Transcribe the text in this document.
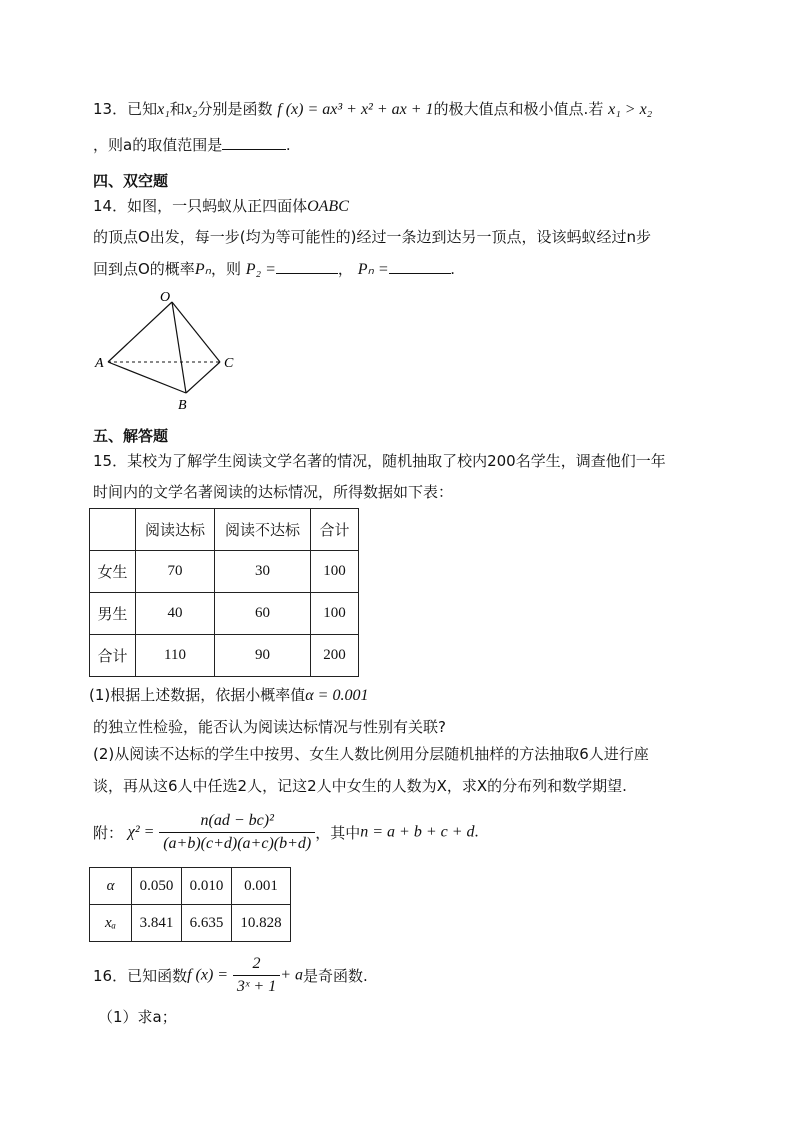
13．已知x₁和x₂分别是函数 f (x) = ax³ + x² + ax + 1的极大值点和极小值点.若 x₁ > x₂
，则a的取值范围是	.
四、双空题
14．如图，一只蚂蚁从正四面体OABC
的顶点O出发，每一步(均为等可能性的)经过一条边到达另一顶点，设该蚂蚁经过n步
回到点O的概率Pₙ，则 P₂ =	， Pₙ =	.
O
A	C
B
五、解答题
15．某校为了解学生阅读文学名著的情况，随机抽取了校内200名学生，调查他们一年
时间内的文学名著阅读的达标情况，所得数据如下表：
	阅读达标	阅读不达标	合计
女生	70	30	100
男生	40	60	100
合计	110	90	200
(1)根据上述数据，依据小概率值α = 0.001
的独立性检验，能否认为阅读达标情况与性别有关联?
(2)从阅读不达标的学生中按男、女生人数比例用分层随机抽样的方法抽取6人进行座
谈，再从这6人中任选2人，记这2人中女生的人数为X，求X的分布列和数学期望.
附： $\chi^2 = \frac{\text{n(ad − bc)²}}{(a+b)(c+d)(a+c)(b+d)}$ ，其中n = a + b + c + d.
α	0.050	0.010	0.001
xₐ	3.841	6.635	10.828
16．已知函数f $(x) = \frac{2}{\text{3ˣ + 1}} + a$是奇函数.
（1）求a；
